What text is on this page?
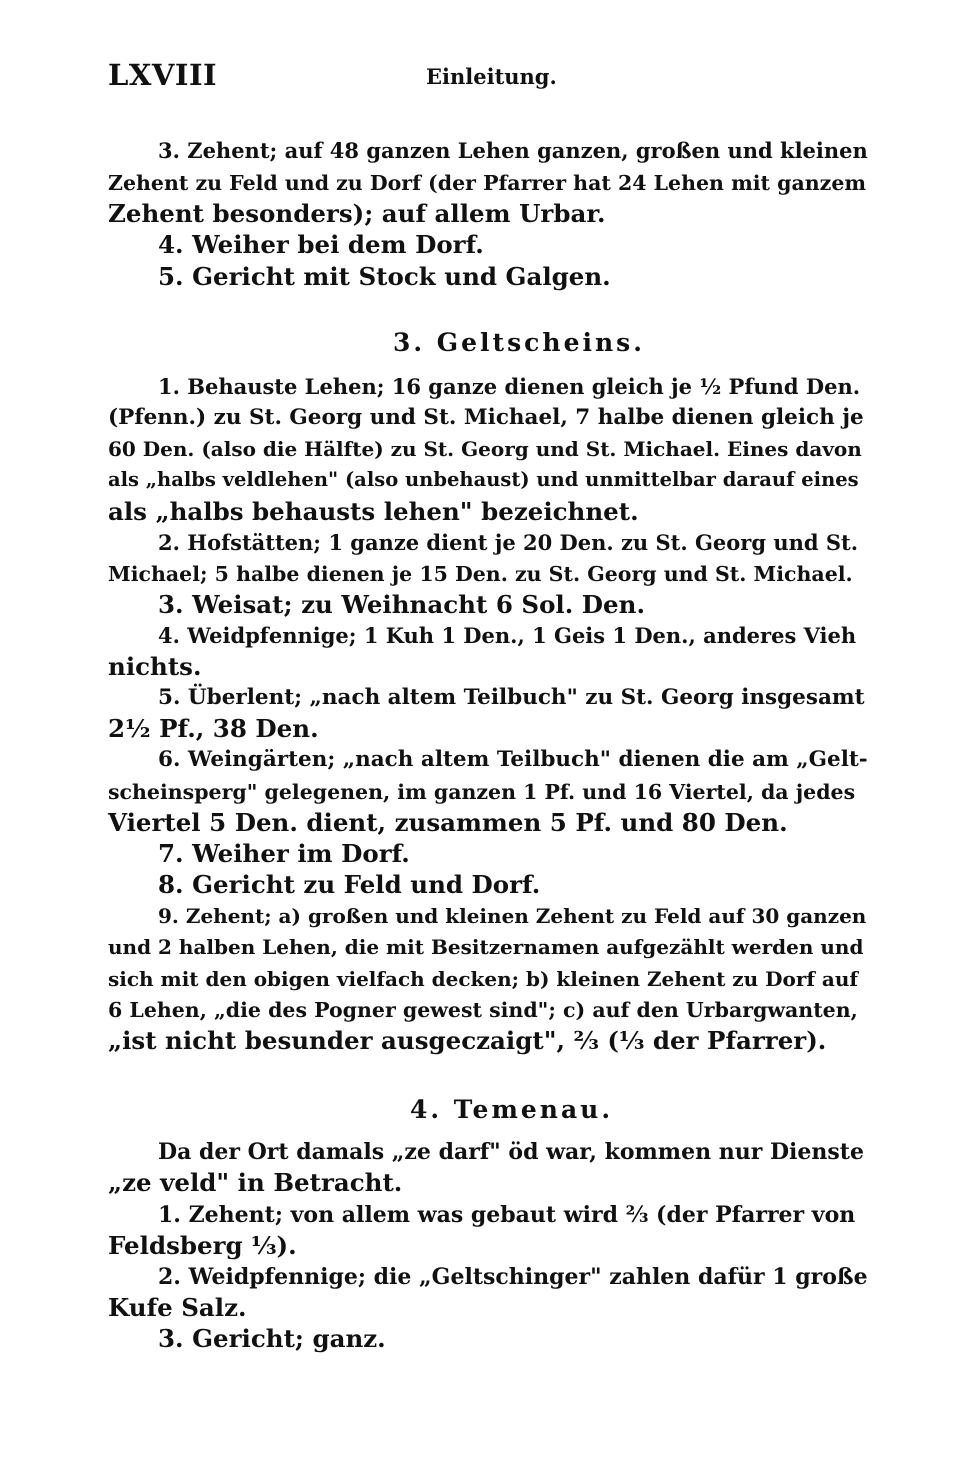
LXVIII	Einleitung.
3. Zehent; auf 48 ganzen Lehen ganzen, großen und kleinen
Zehent zu Feld und zu Dorf (der Pfarrer hat 24 Lehen mit ganzem
Zehent besonders); auf allem Urbar.
4. Weiher bei dem Dorf.
5. Gericht mit Stock und Galgen.
3. Geltscheins.
1. Behauste Lehen; 16 ganze dienen gleich je ½ Pfund Den.
(Pfenn.) zu St. Georg und St. Michael, 7 halbe dienen gleich je
60 Den. (also die Hälfte) zu St. Georg und St. Michael. Eines davon
als „halbs veldlehen" (also unbehaust) und unmittelbar darauf eines
als „halbs behausts lehen" bezeichnet.
2. Hofstätten; 1 ganze dient je 20 Den. zu St. Georg und St.
Michael; 5 halbe dienen je 15 Den. zu St. Georg und St. Michael.
3. Weisat; zu Weihnacht 6 Sol. Den.
4. Weidpfennige; 1 Kuh 1 Den., 1 Geis 1 Den., anderes Vieh
nichts.
5. Überlent; „nach altem Teilbuch" zu St. Georg insgesamt
2½ Pf., 38 Den.
6. Weingärten; „nach altem Teilbuch" dienen die am „Gelt-
scheinsperg" gelegenen, im ganzen 1 Pf. und 16 Viertel, da jedes
Viertel 5 Den. dient, zusammen 5 Pf. und 80 Den.
7. Weiher im Dorf.
8. Gericht zu Feld und Dorf.
9. Zehent; a) großen und kleinen Zehent zu Feld auf 30 ganzen
und 2 halben Lehen, die mit Besitzernamen aufgezählt werden und
sich mit den obigen vielfach decken; b) kleinen Zehent zu Dorf auf
6 Lehen, „die des Pogner gewest sind"; c) auf den Urbargwanten,
„ist nicht besunder ausgeczaigt", ⅔ (⅓ der Pfarrer).
4. Temenau.
Da der Ort damals „ze darf" öd war, kommen nur Dienste
„ze veld" in Betracht.
1. Zehent; von allem was gebaut wird ⅔ (der Pfarrer von
Feldsberg ⅓).
2. Weidpfennige; die „Geltschinger" zahlen dafür 1 große
Kufe Salz.
3. Gericht; ganz.
